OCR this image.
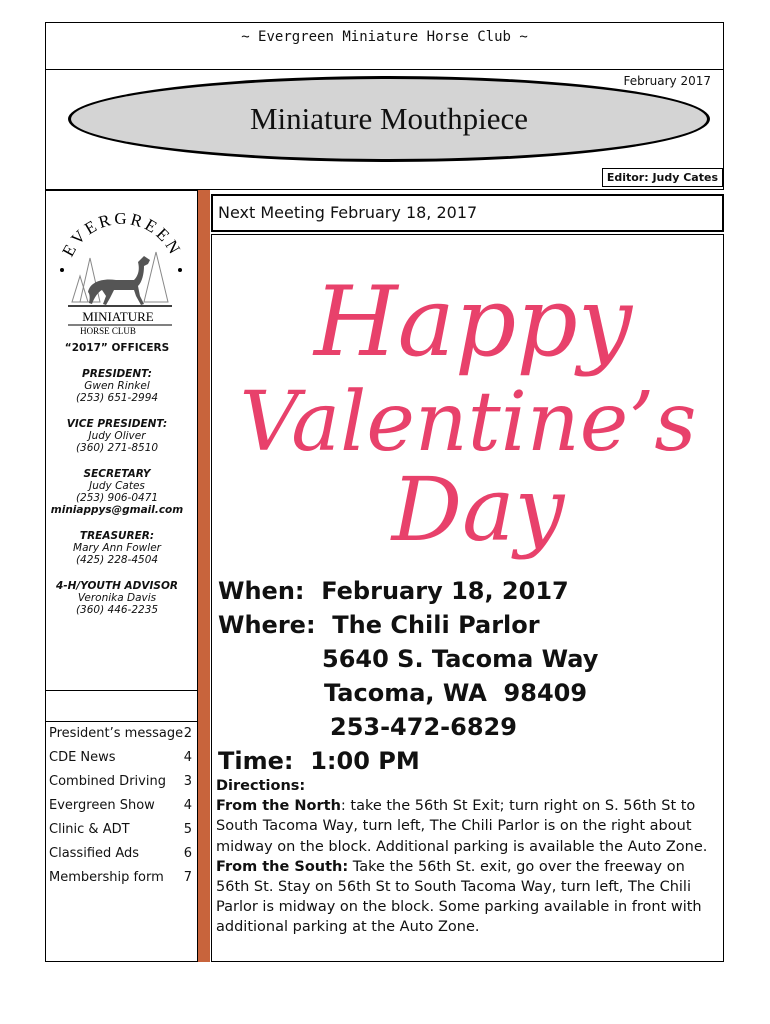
~ Evergreen Miniature Horse Club ~
February 2017
Miniature Mouthpiece
Editor: Judy Cates
EVERGREEN
MINIATURE
HORSE CLUB
“2017” OFFICERS
PRESIDENT:
Gwen Rinkel
(253) 651-2994
VICE PRESIDENT:
Judy Oliver
(360) 271-8510
SECRETARY
Judy Cates
(253) 906-0471
miniappys@gmail.com
TREASURER:
Mary Ann Fowler
(425) 228-4504
4-H/YOUTH ADVISOR
Veronika Davis
(360) 446-2235
President’s message 2
CDE News	4
Combined Driving 3
Evergreen Show 4
Clinic & ADT	5
Classified Ads	6
Membership form 7
Next Meeting February 18, 2017
Happy
Valentine’s
Day
When:  February 18, 2017
Where:  The Chili Parlor
5640 S. Tacoma Way
Tacoma, WA  98409
253-472-6829
Time:  1:00 PM
Directions:
From the North: take the 56th St Exit; turn right on S. 56th St to South Tacoma Way, turn left, The Chili Parlor is on the right about midway on the block. Additional parking is available the Auto Zone.
From the South: Take the 56th St. exit, go over the freeway on 56th St. Stay on 56th St to South Tacoma Way, turn left, The Chili Parlor is midway on the block. Some parking available in front with additional parking at the Auto Zone.
